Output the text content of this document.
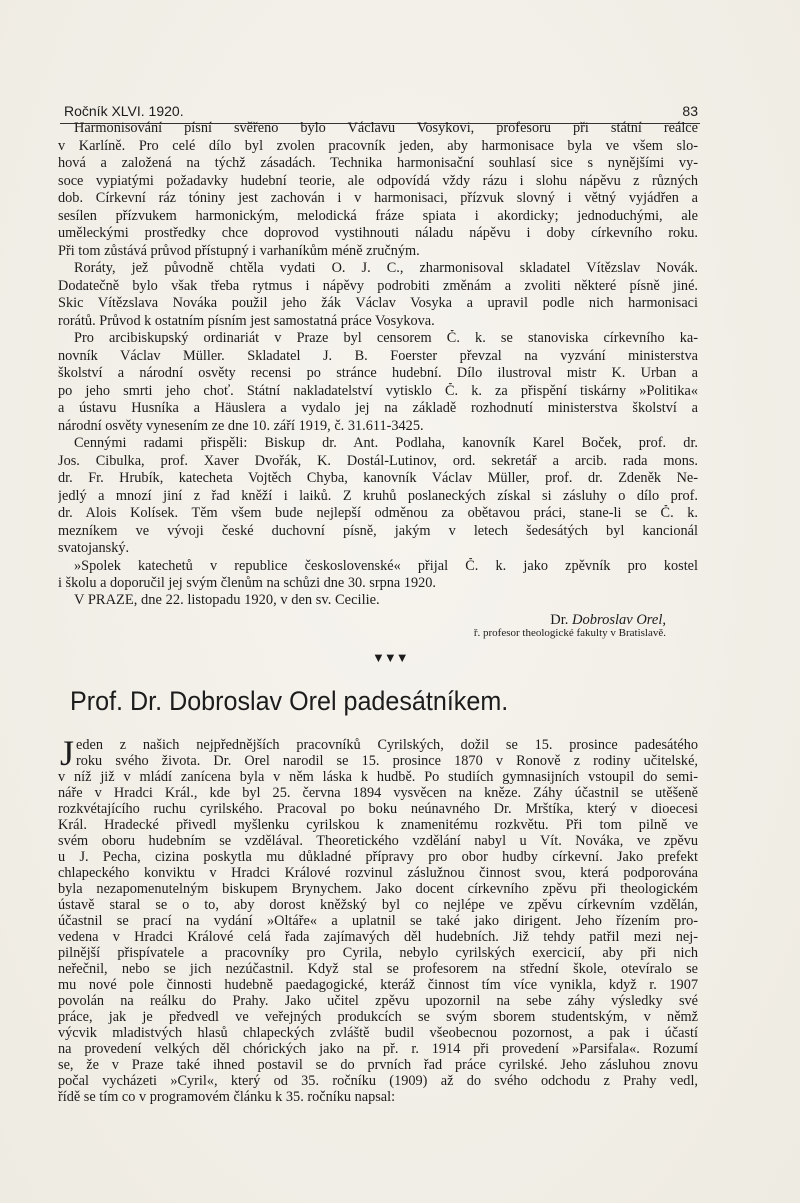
Ročník XLVI. 1920.	83
Harmonisování písní svěřeno bylo Václavu Vosykovi, profesoru při státní reálce
v Karlíně. Pro celé dílo byl zvolen pracovník jeden, aby harmonisace byla ve všem slo-
hová a založená na týchž zásadách. Technika harmonisační souhlasí sice s nynějšími vy-
soce vypiatými požadavky hudební teorie, ale odpovídá vždy rázu i slohu nápěvu z různých
dob. Církevní ráz tóniny jest zachován i v harmonisaci, přízvuk slovný i větný vyjádřen a
sesílen přízvukem harmonickým, melodická fráze spiata i akordicky; jednoduchými, ale
uměleckými prostředky chce doprovod vystihnouti náladu nápěvu i doby církevního roku.
Při tom zůstává průvod přístupný i varhaníkům méně zručným.
Roráty, jež původně chtěla vydati O. J. C., zharmonisoval skladatel Vítězslav Novák.
Dodatečně bylo však třeba rytmus i nápěvy podrobiti změnám a zvoliti některé písně jiné.
Skic Vítězslava Nováka použil jeho žák Václav Vosyka a upravil podle nich harmonisaci
rorátů. Průvod k ostatním písním jest samostatná práce Vosykova.
Pro arcibiskupský ordinariát v Praze byl censorem Č. k. se stanoviska církevního ka-
novník Václav Müller. Skladatel J. B. Foerster převzal na vyzvání ministerstva
školství a národní osvěty recensi po stránce hudební. Dílo ilustroval mistr K. Urban a
po jeho smrti jeho choť. Státní nakladatelství vytisklo Č. k. za přispění tiskárny »Politika«
a ústavu Husníka a Häuslera a vydalo jej na základě rozhodnutí ministerstva školství a
národní osvěty vynesením ze dne 10. září 1919, č. 31.611-3425.
Cennými radami přispěli: Biskup dr. Ant. Podlaha, kanovník Karel Boček, prof. dr.
Jos. Cibulka, prof. Xaver Dvořák, K. Dostál-Lutinov, ord. sekretář a arcib. rada mons.
dr. Fr. Hrubík, katecheta Vojtěch Chyba, kanovník Václav Müller, prof. dr. Zdeněk Ne-
jedlý a mnozí jiní z řad kněží i laiků. Z kruhů poslaneckých získal si zásluhy o dílo prof.
dr. Alois Kolísek. Těm všem bude nejlepší odměnou za obětavou práci, stane-li se Č. k.
mezníkem ve vývoji české duchovní písně, jakým v letech šedesátých byl kancionál
svatojanský.
»Spolek katechetů v republice československé« přijal Č. k. jako zpěvník pro kostel
i školu a doporučil jej svým členům na schůzi dne 30. srpna 1920.
V PRAZE, dne 22. listopadu 1920, v den sv. Cecilie.
Dr. Dobroslav Orel,
ř. profesor theologické fakulty v Bratislavě.
▼▼▼
Prof. Dr. Dobroslav Orel padesátníkem.
J eden z našich nejpřednějších pracovníků Cyrilských, dožil se 15. prosince padesátého
roku svého života. Dr. Orel narodil se 15. prosince 1870 v Ronově z rodiny učitelské,
v níž již v mládí zanícena byla v něm láska k hudbě. Po studiích gymnasijních vstoupil do semi-
náře v Hradci Král., kde byl 25. června 1894 vysvěcen na kněze. Záhy účastnil se utěšeně
rozkvétajícího ruchu cyrilského. Pracoval po boku neúnavného Dr. Mrštíka, který v dioecesi
Král. Hradecké přivedl myšlenku cyrilskou k znamenitému rozkvětu. Při tom pilně ve
svém oboru hudebním se vzdělával. Theoretického vzdělání nabyl u Vít. Nováka, ve zpěvu
u J. Pecha, cizina poskytla mu důkladné přípravy pro obor hudby církevní. Jako prefekt
chlapeckého konviktu v Hradci Králové rozvinul záslužnou činnost svou, která podporována
byla nezapomenutelným biskupem Brynychem. Jako docent církevního zpěvu při theologickém
ústavě staral se o to, aby dorost kněžský byl co nejlépe ve zpěvu církevním vzdělán,
účastnil se prací na vydání »Oltáře« a uplatnil se také jako dirigent. Jeho řízením pro-
vedena v Hradci Králové celá řada zajímavých děl hudebních. Již tehdy patřil mezi nej-
pilnější přispívatele a pracovníky pro Cyrila, nebylo cyrilských exercicií, aby při nich
neřečnil, nebo se jich nezúčastnil. Když stal se profesorem na střední škole, otevíralo se
mu nové pole činnosti hudebně paedagogické, kteráž činnost tím více vynikla, když r. 1907
povolán na reálku do Prahy. Jako učitel zpěvu upozornil na sebe záhy výsledky své
práce, jak je předvedl ve veřejných produkcích se svým sborem studentským, v němž
výcvik mladistvých hlasů chlapeckých zvláště budil všeobecnou pozornost, a pak i účastí
na provedení velkých děl chórických jako na př. r. 1914 při provedení »Parsifala«. Rozumí
se, že v Praze také ihned postavil se do prvních řad práce cyrilské. Jeho zásluhou znovu
počal vycházeti »Cyril«, který od 35. ročníku (1909) až do svého odchodu z Prahy vedl,
řídě se tím co v programovém článku k 35. ročníku napsal:
